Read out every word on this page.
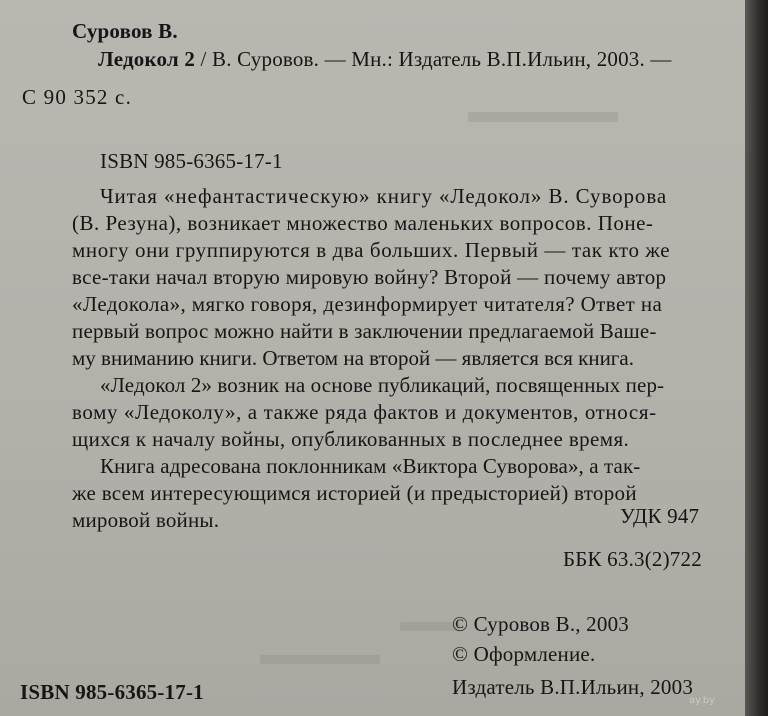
Суровов В.
Ледокол 2 / В. Суровов. — Мн.: Издатель В.П.Ильин, 2003. —
С 90 352 с.
ISBN 985-6365-17-1
Читая «нефантастическую» книгу «Ледокол» В. Суворова
(В. Резуна), возникает множество маленьких вопросов. Поне-
многу они группируются в два больших. Первый — так кто же
все-таки начал вторую мировую войну? Второй — почему автор
«Ледокола», мягко говоря, дезинформирует читателя? Ответ на
первый вопрос можно найти в заключении предлагаемой Ваше-
му вниманию книги. Ответом на второй — является вся книга.
«Ледокол 2» возник на основе публикаций, посвященных пер-
вому «Ледоколу», а также ряда фактов и документов, относя-
щихся к началу войны, опубликованных в последнее время.
Книга адресована поклонникам «Виктора Суворова», а так-
же всем интересующимся историей (и предысторией) второй
мировой войны.	УДК 947
ББК 63.3(2)722
© Суровов В., 2003
© Оформление.
Издатель В.П.Ильин, 2003
ISBN 985-6365-17-1	ay.by
